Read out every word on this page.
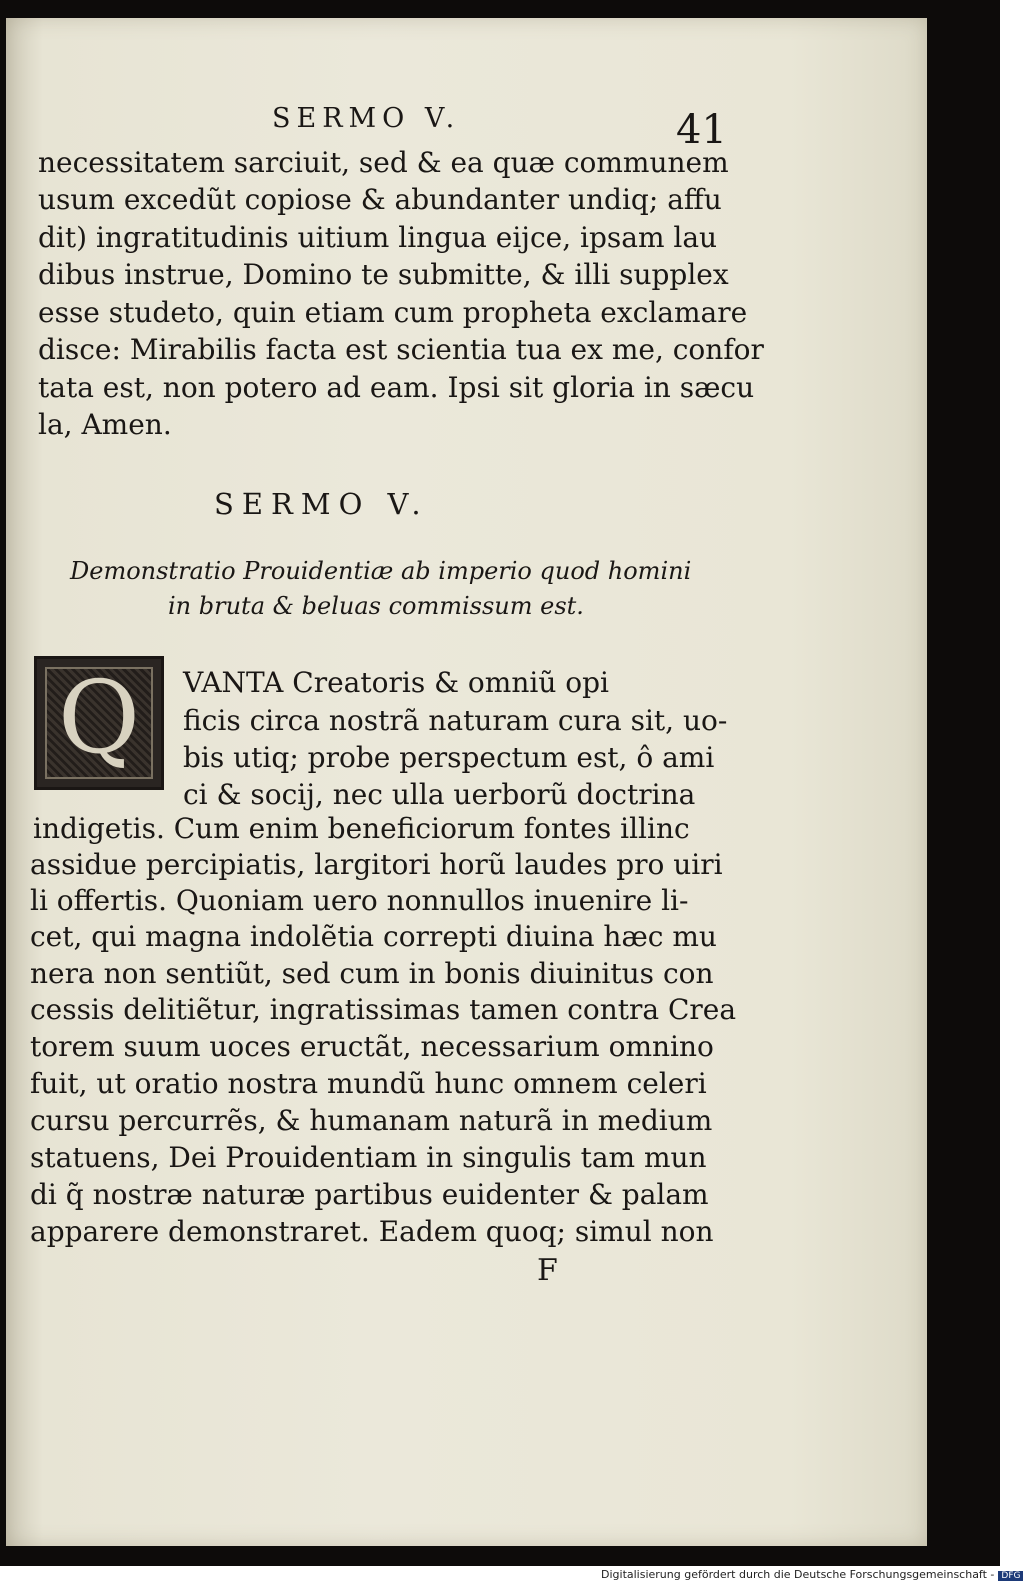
SERMO V.	41
necessitatem sarciuit, sed & ea quæ communem
usum excedũt copiose & abundanter undiq; affu
dit) ingratitudinis uitium lingua eijce, ipsam lau
dibus instrue, Domino te submitte, & illi supplex
esse studeto, quin etiam cum propheta exclamare
disce: Mirabilis facta est scientia tua ex me, confor
tata est, non potero ad eam. Ipsi sit gloria in sæcu
la, Amen.
SERMO V.
Demonstratio Prouidentiæ ab imperio quod homini
in bruta & beluas commissum est.
Q	VANTA Creatoris & omniũ opi
ficis circa nostrã naturam cura sit, uo-
bis utiq; probe perspectum est, ô ami
ci & socij, nec ulla uerborũ doctrina
indigetis. Cum enim beneficiorum fontes illinc
assidue percipiatis, largitori horũ laudes pro uiri
li offertis. Quoniam uero nonnullos inuenire li-
cet, qui magna indolẽtia correpti diuina hæc mu
nera non sentiũt, sed cum in bonis diuinitus con
cessis delitiẽtur, ingratissimas tamen contra Crea
torem suum uoces eructãt, necessarium omnino
fuit, ut oratio nostra mundũ hunc omnem celeri
cursu percurrẽs, & humanam naturã in medium
statuens, Dei Prouidentiam in singulis tam mun
di q̃ nostræ naturæ partibus euidenter & palam
apparere demonstraret. Eadem quoq; simul non
F
Digitalisierung gefördert durch die Deutsche Forschungsgemeinschaft - DFG
